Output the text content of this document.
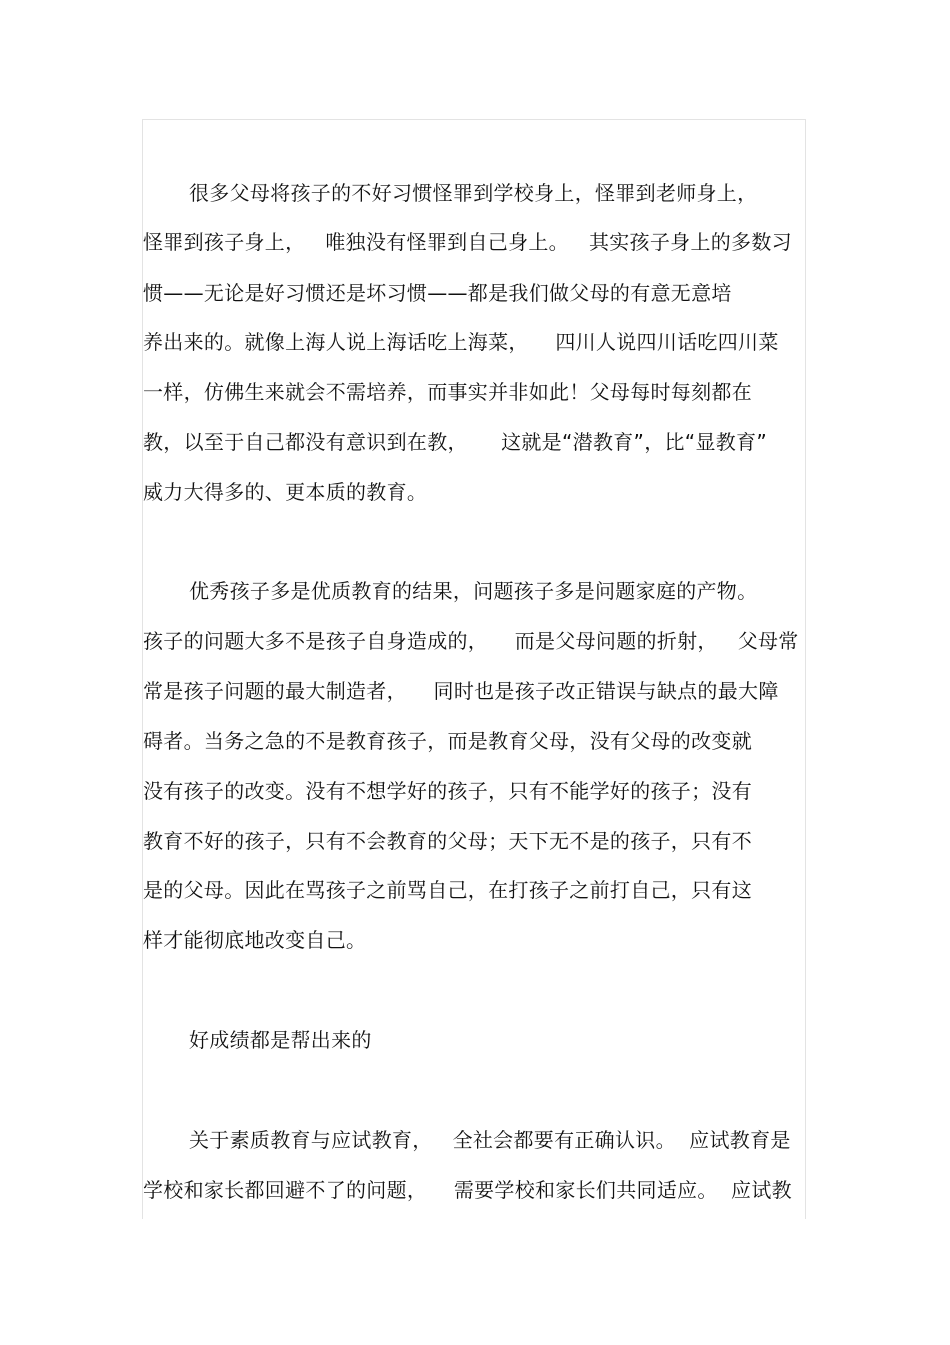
很多父母将孩子的不好习惯怪罪到学校身上，怪罪到老师身上，
怪罪到孩子身上，   唯独没有怪罪到自己身上。   其实孩子身上的多数习
惯——无论是好习惯还是坏习惯——都是我们做父母的有意无意培
养出来的。就像上海人说上海话吃上海菜，    四川人说四川话吃四川菜
一样，仿佛生来就会不需培养，而事实并非如此！父母每时每刻都在
教，以至于自己都没有意识到在教，     这就是“潜教育”，比“显教育”
威力大得多的、更本质的教育。
优秀孩子多是优质教育的结果，问题孩子多是问题家庭的产物。
孩子的问题大多不是孩子自身造成的，    而是父母问题的折射，   父母常
常是孩子问题的最大制造者，    同时也是孩子改正错误与缺点的最大障
碍者。当务之急的不是教育孩子，而是教育父母，没有父母的改变就
没有孩子的改变。没有不想学好的孩子，只有不能学好的孩子；没有
教育不好的孩子，只有不会教育的父母；天下无不是的孩子，只有不
是的父母。因此在骂孩子之前骂自己，在打孩子之前打自己，只有这
样才能彻底地改变自己。
好成绩都是帮出来的
关于素质教育与应试教育，   全社会都要有正确认识。  应试教育是
学校和家长都回避不了的问题，    需要学校和家长们共同适应。  应试教
